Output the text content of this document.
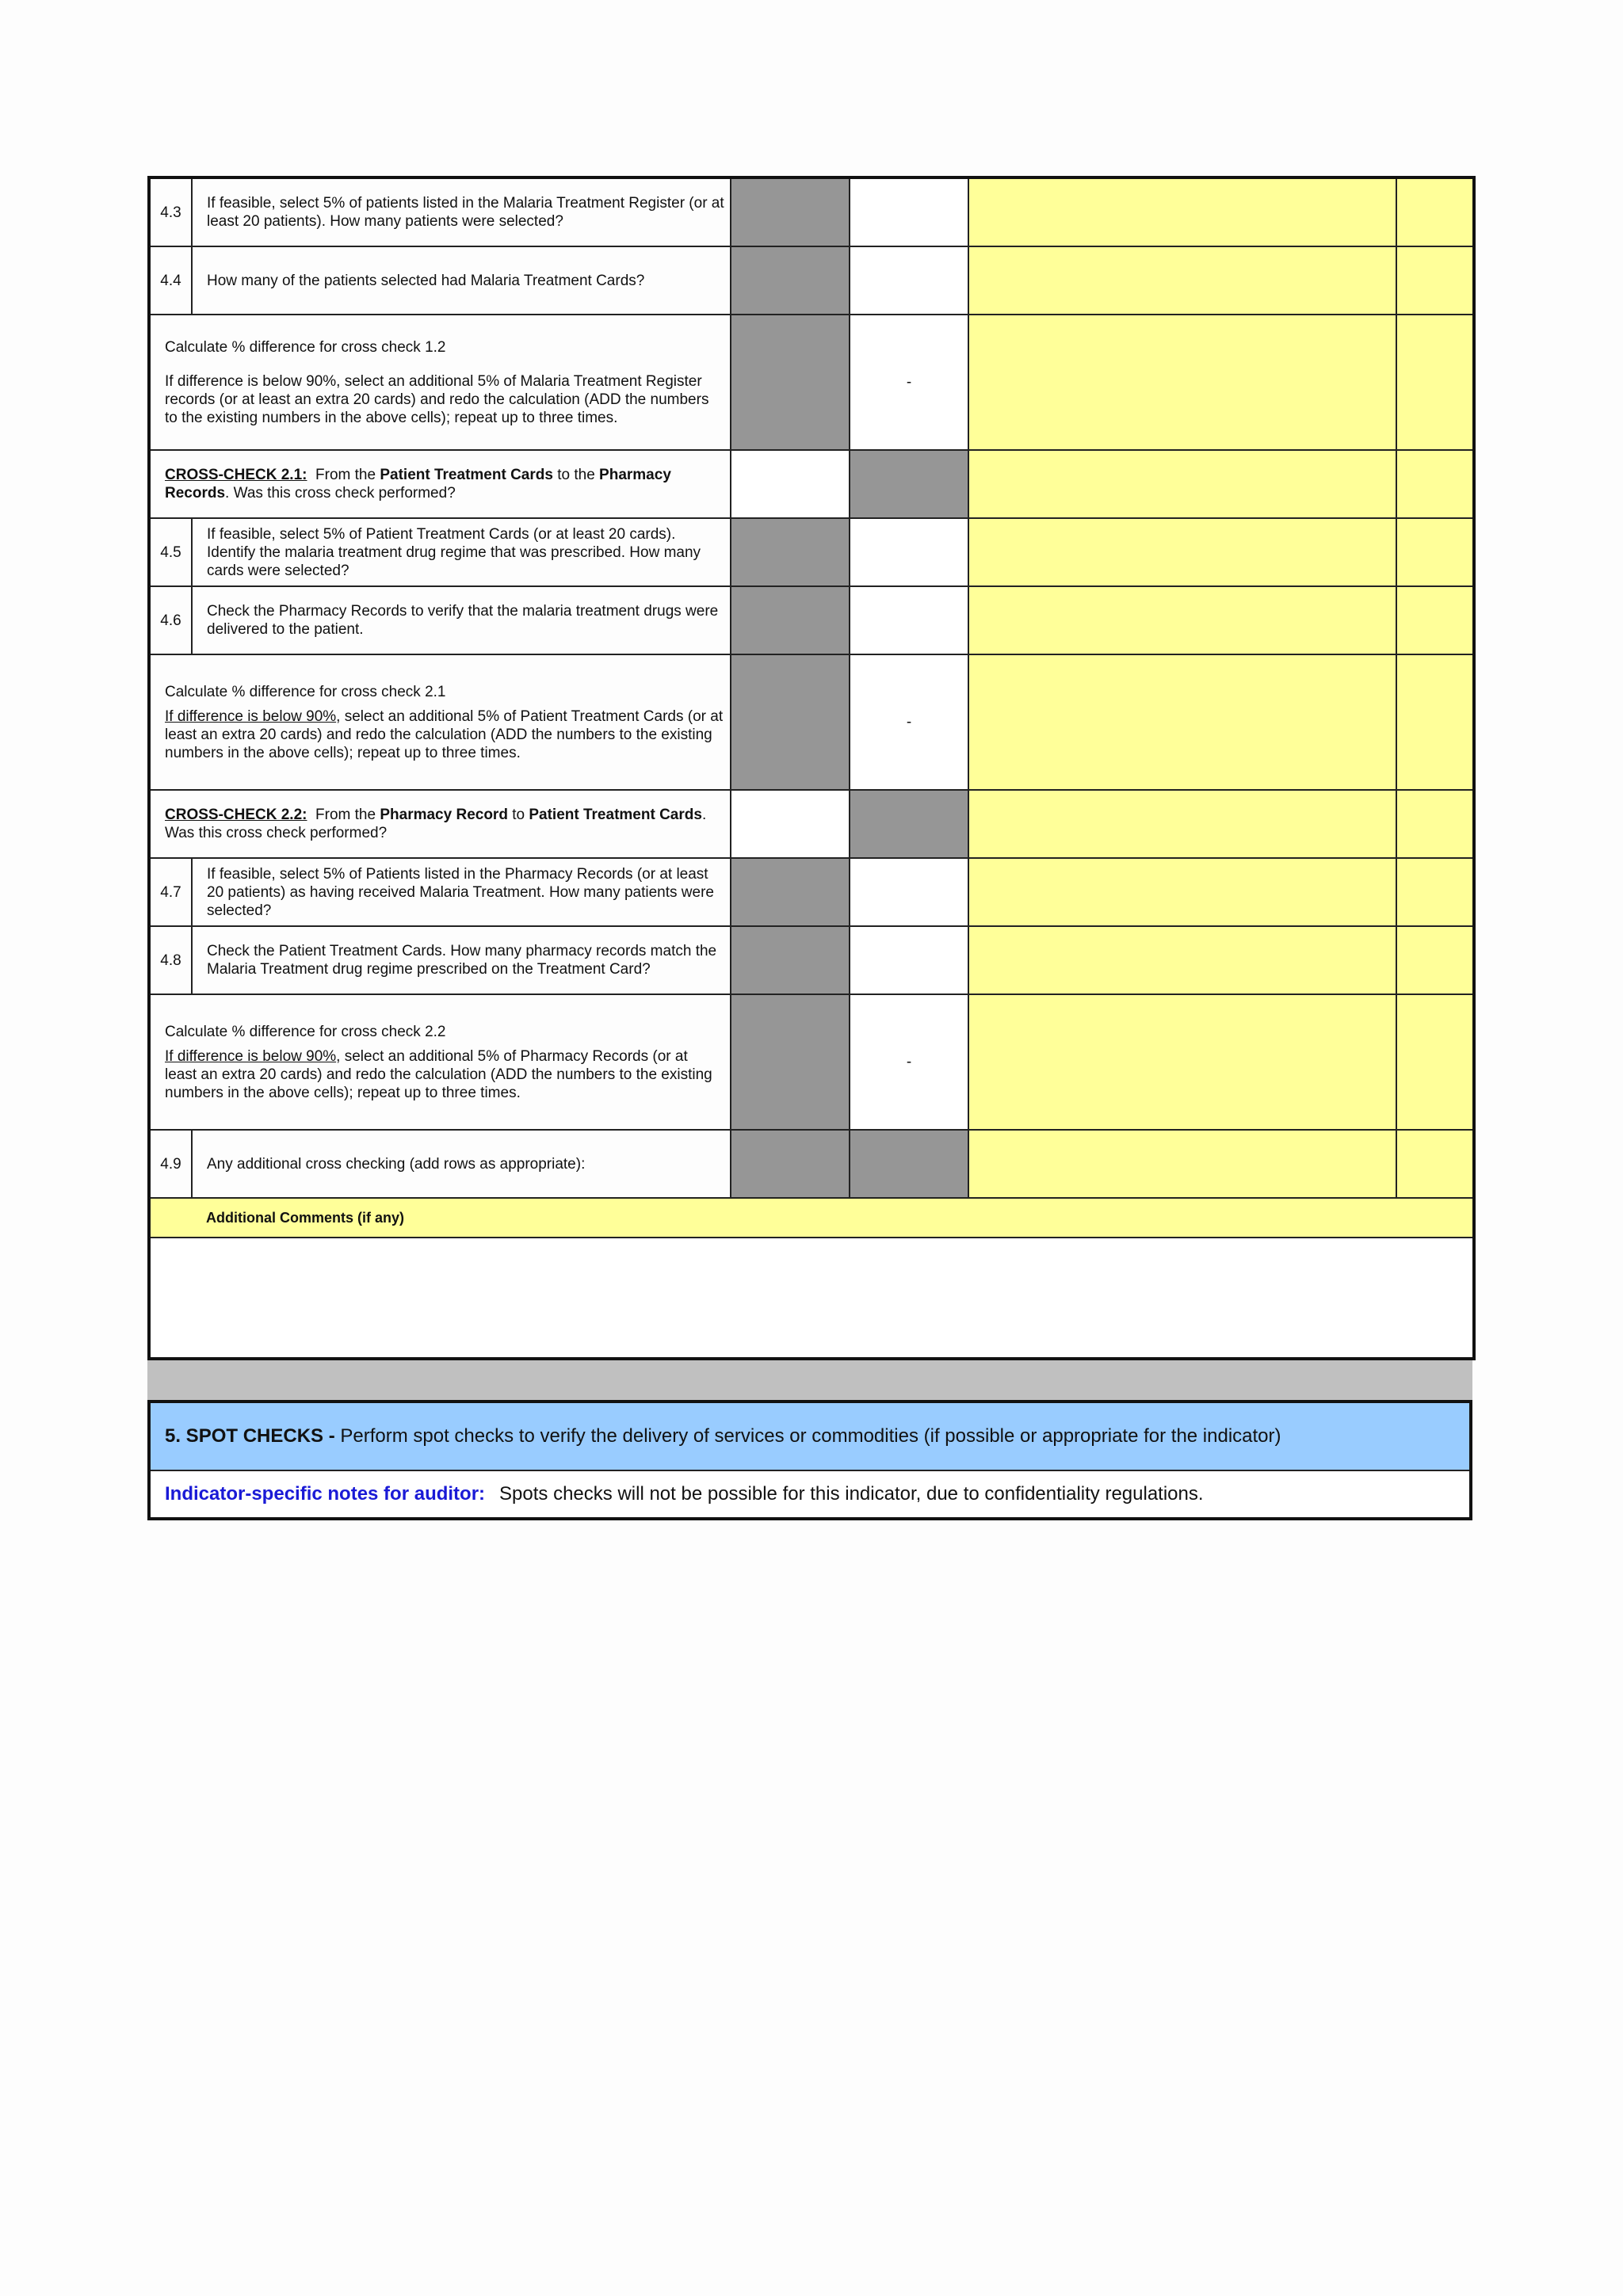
4.3	If feasible, select 5% of patients listed in the Malaria Treatment Register (or at least 20 patients). How many patients were selected?				
4.4	How many of the patients selected had Malaria Treatment Cards?				

Calculate % difference for cross check 1.2

If difference is below 90%, select an additional 5% of Malaria Treatment Register records (or at least an extra 20 cards) and redo the calculation (ADD the numbers to the existing numbers in the above cells); repeat up to three times.			-		
CROSS-CHECK 2.1: From the Patient Treatment Cards to the Pharmacy Records. Was this cross check performed?					
4.5	If feasible, select 5% of Patient Treatment Cards (or at least 20 cards). Identify the malaria treatment drug regime that was prescribed. How many cards were selected?				
4.6	Check the Pharmacy Records to verify that the malaria treatment drugs were delivered to the patient.				

Calculate % difference for cross check 2.1

If difference is below 90%, select an additional 5% of Patient Treatment Cards (or at least an extra 20 cards) and redo the calculation (ADD the numbers to the existing numbers in the above cells); repeat up to three times.			-		
CROSS-CHECK 2.2: From the Pharmacy Record to Patient Treatment Cards. Was this cross check performed?					
4.7	If feasible, select 5% of Patients listed in the Pharmacy Records (or at least 20 patients) as having received Malaria Treatment. How many patients were selected?				
4.8	Check the Patient Treatment Cards. How many pharmacy records match the Malaria Treatment drug regime prescribed on the Treatment Card?				

Calculate % difference for cross check 2.2

If difference is below 90%, select an additional 5% of Pharmacy Records (or at least an extra 20 cards) and redo the calculation (ADD the numbers to the existing numbers in the above cells); repeat up to three times.			-		
4.9	Any additional cross checking (add rows as appropriate):				
	Additional Comments (if any)				

5. SPOT CHECKS - Perform spot checks to verify the delivery of services or commodities (if possible or appropriate for the indicator)
Indicator-specific notes for auditor: Spots checks will not be possible for this indicator, due to confidentiality regulations.
